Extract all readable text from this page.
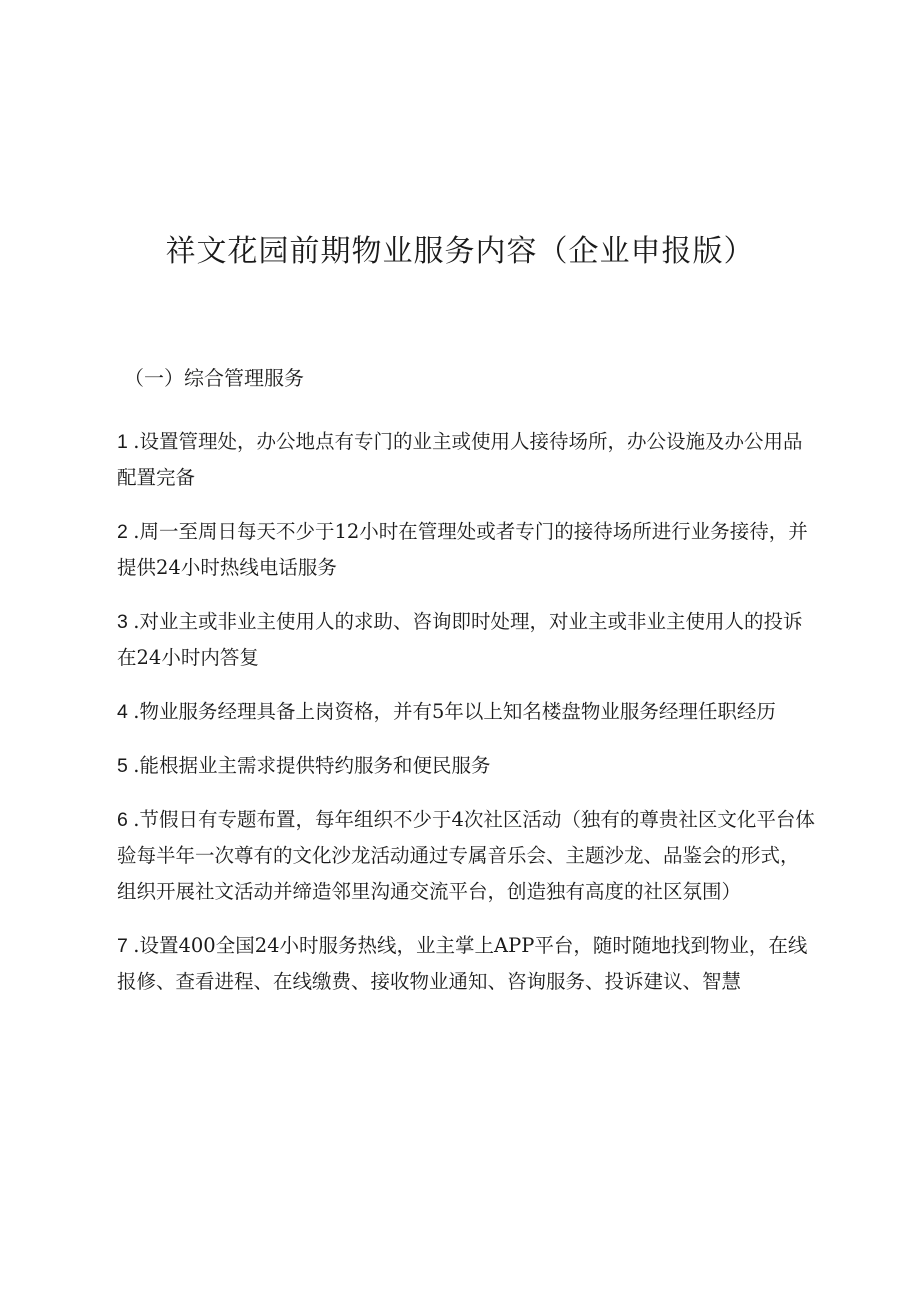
祥文花园前期物业服务内容（企业申报版）
（一）综合管理服务

1 .设置管理处，办公地点有专门的业主或使用人接待场所，办公设施及办公用品配置完备

2 .周一至周日每天不少于12小时在管理处或者专门的接待场所进行业务接待，并提供24小时热线电话服务

3 .对业主或非业主使用人的求助、咨询即时处理，对业主或非业主使用人的投诉在24小时内答复

4 .物业服务经理具备上岗资格，并有5年以上知名楼盘物业服务经理任职经历

5 .能根据业主需求提供特约服务和便民服务

6 .节假日有专题布置，每年组织不少于4次社区活动（独有的尊贵社区文化平台体验每半年一次尊有的文化沙龙活动通过专属音乐会、主题沙龙、品鉴会的形式，组织开展社文活动并缔造邻里沟通交流平台，创造独有高度的社区氛围）

7 .设置400全国24小时服务热线，业主掌上APP平台，随时随地找到物业，在线报修、查看进程、在线缴费、接收物业通知、咨询服务、投诉建议、智慧
